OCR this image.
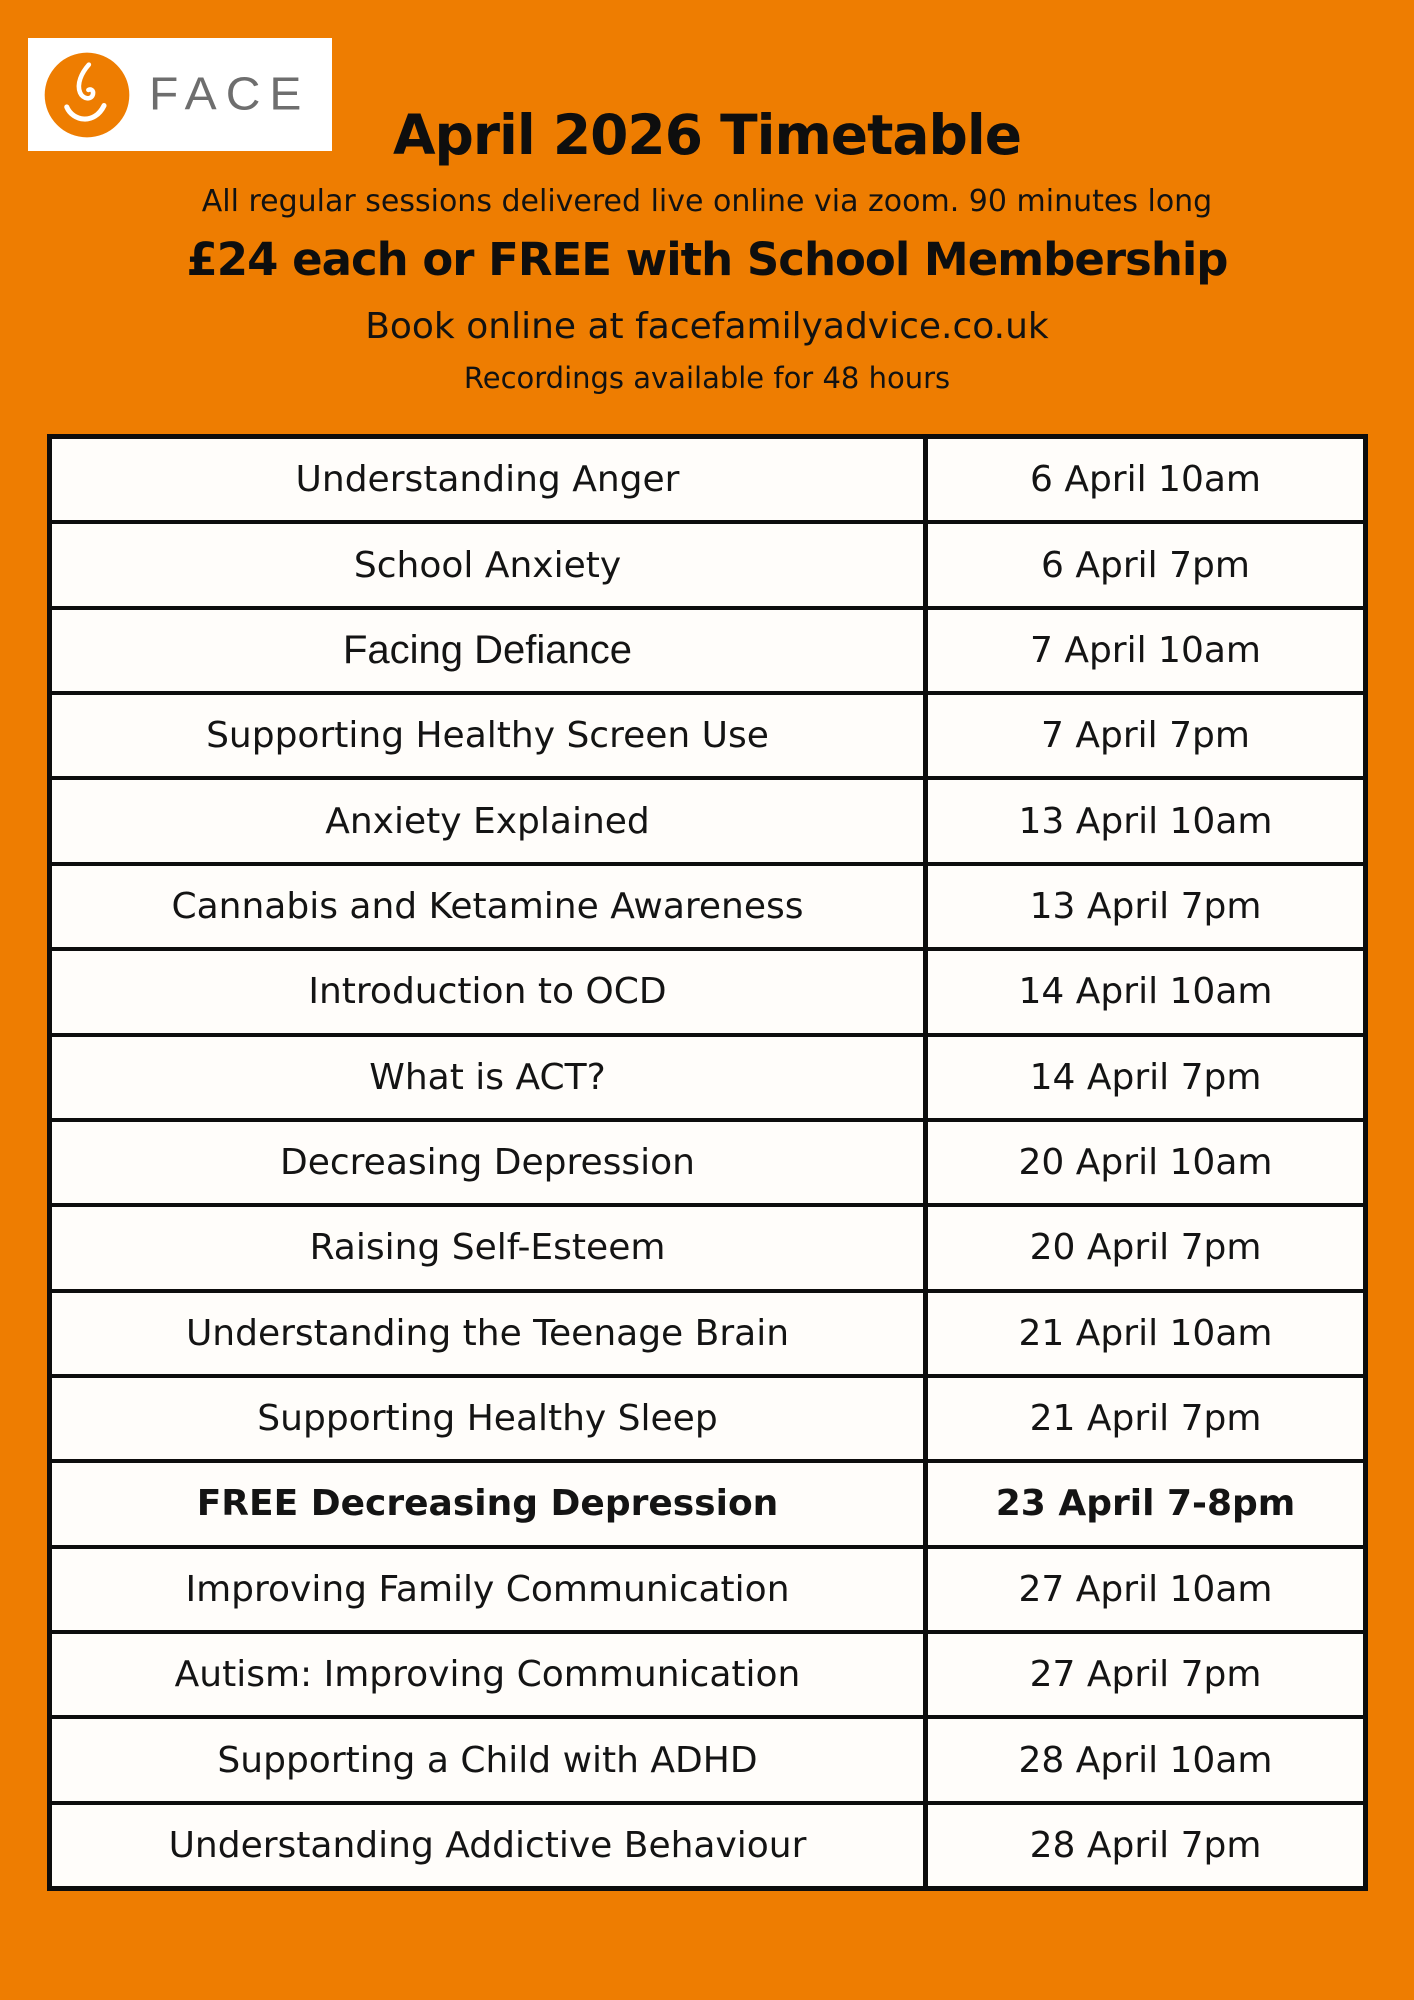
FACE
April 2026 Timetable
All regular sessions delivered live online via zoom. 90 minutes long
£24 each or FREE with School Membership
Book online at facefamilyadvice.co.uk
Recordings available for 48 hours
Understanding Anger	6 April 10am
School Anxiety	6 April 7pm
Facing Defiance	7 April 10am
Supporting Healthy Screen Use	7 April 7pm
Anxiety Explained	13 April 10am
Cannabis and Ketamine Awareness	13 April 7pm
Introduction to OCD	14 April 10am
What is ACT?	14 April 7pm
Decreasing Depression	20 April 10am
Raising Self-Esteem	20 April 7pm
Understanding the Teenage Brain	21 April 10am
Supporting Healthy Sleep	21 April 7pm
FREE Decreasing Depression	23 April 7-8pm
Improving Family Communication	27 April 10am
Autism: Improving Communication	27 April 7pm
Supporting a Child with ADHD	28 April 10am
Understanding Addictive Behaviour	28 April 7pm
